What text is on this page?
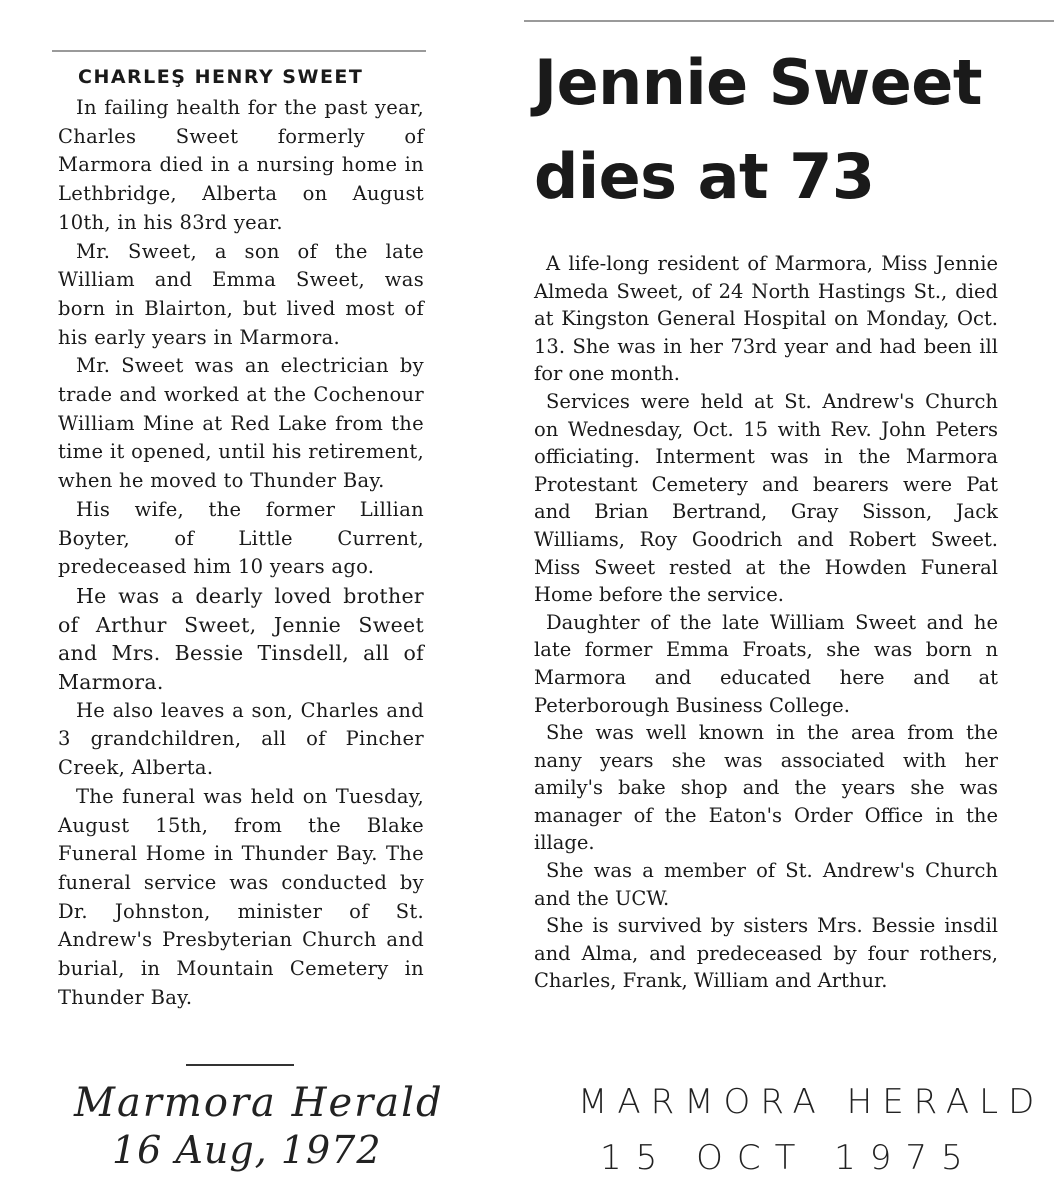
CHARLEŞ HENRY SWEET

In failing health for the past year, Charles Sweet formerly of Marmora died in a nursing home in Lethbridge, Alberta on August 10th, in his 83rd year.

Mr. Sweet, a son of the late William and Emma Sweet, was born in Blairton, but lived most of his early years in Marmora.

Mr. Sweet was an electrician by trade and worked at the Cochenour William Mine at Red Lake from the time it opened, until his retirement, when he moved to Thunder Bay.

His wife, the former Lillian Boyter, of Little Current, predeceased him 10 years ago.

He was a dearly loved brother of Arthur Sweet, Jennie Sweet and Mrs. Bessie Tinsdell, all of Marmora.

He also leaves a son, Charles and 3 grandchildren, all of Pincher Creek, Alberta.

The funeral was held on Tuesday, August 15th, from the Blake Funeral Home in Thunder Bay. The funeral service was conducted by Dr. Johnston, minister of St. Andrew's Presbyterian Church and burial, in Mountain Cemetery in Thunder Bay.

Marmora Herald
16 Aug, 1972
Jennie Sweet
dies at 73

A life-long resident of Marmora, Miss Jennie Almeda Sweet, of 24 North Hastings St., died at Kingston General Hospital on Monday, Oct. 13. She was in her 73rd year and had been ill for one month.

Services were held at St. Andrew's Church on Wednesday, Oct. 15 with Rev. John Peters officiating. Interment was in the Marmora Protestant Cemetery and bearers were Pat and Brian Bertrand, Gray Sisson, Jack Williams, Roy Goodrich and Robert Sweet. Miss Sweet rested at the Howden Funeral Home before the service.

Daughter of the late William Sweet and he late former Emma Froats, she was born n Marmora and educated here and at Peterborough Business College.

She was well known in the area from the nany years she was associated with her amily's bake shop and the years she was manager of the Eaton's Order Office in the illage.

She was a member of St. Andrew's Church and the UCW.

She is survived by sisters Mrs. Bessie insdil and Alma, and predeceased by four rothers, Charles, Frank, William and Arthur.

MARMORA HERALD
15 OCT 1975
